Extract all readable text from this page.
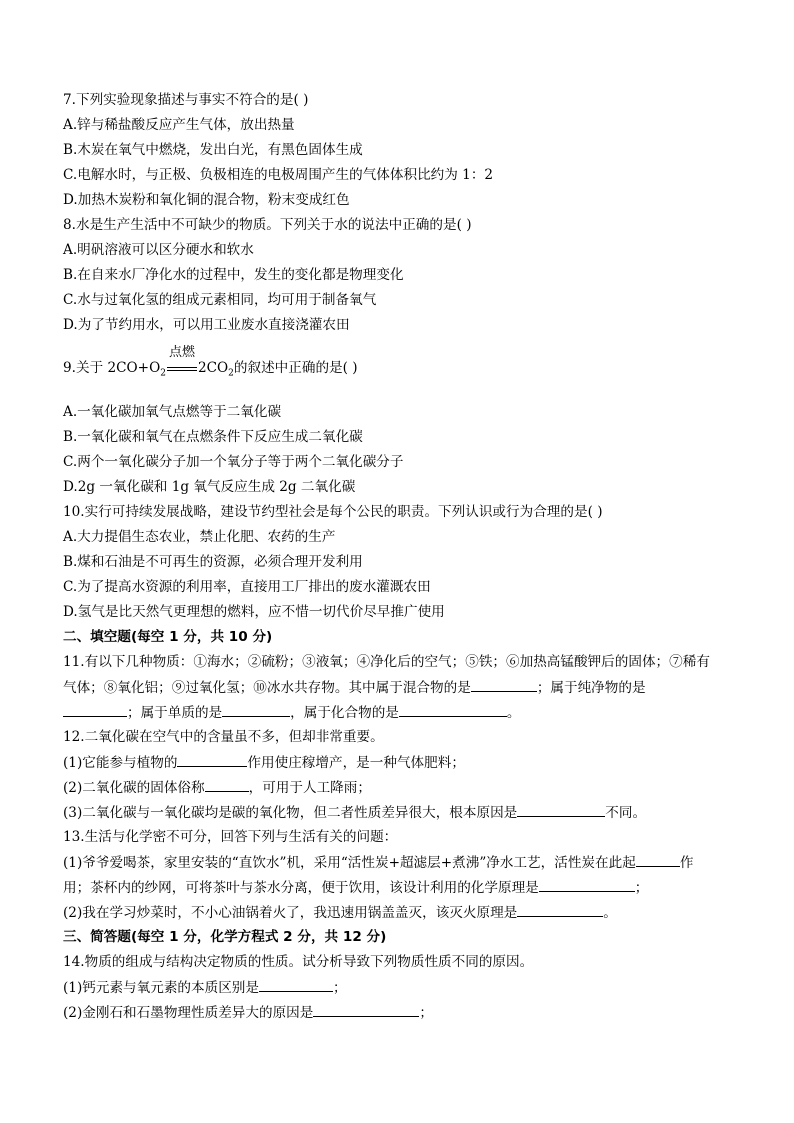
7.下列实验现象描述与事实不符合的是( )
A.锌与稀盐酸反应产生气体，放出热量
B.木炭在氧气中燃烧，发出白光，有黑色固体生成
C.电解水时，与正极、负极相连的电极周围产生的气体体积比约为 1：2
D.加热木炭粉和氧化铜的混合物，粉末变成红色
8.水是生产生活中不可缺少的物质。下列关于水的说法中正确的是( )
A.明矾溶液可以区分硬水和软水
B.在自来水厂净化水的过程中，发生的变化都是物理变化
C.水与过氧化氢的组成元素相同，均可用于制备氧气
D.为了节约用水，可以用工业废水直接浇灌农田
9.关于 $2CO+O_2$
点燃
$2CO_2$的叙述中正确的是( )
A.一氧化碳加氧气点燃等于二氧化碳
B.一氧化碳和氧气在点燃条件下反应生成二氧化碳
C.两个一氧化碳分子加一个氧分子等于两个二氧化碳分子
D.2g 一氧化碳和 1g 氧气反应生成 2g 二氧化碳
10.实行可持续发展战略，建设节约型社会是每个公民的职责。下列认识或行为合理的是( )
A.大力提倡生态农业，禁止化肥、农药的生产
B.煤和石油是不可再生的资源，必须合理开发利用
C.为了提高水资源的利用率，直接用工厂排出的废水灌溉农田
D.氢气是比天然气更理想的燃料，应不惜一切代价尽早推广使用
二、填空题(每空 1 分，共 10 分)
11.有以下几种物质：①海水；②硫粉；③液氧；④净化后的空气；⑤铁；⑥加热高锰酸钾后的固体；⑦稀有
气体；⑧氧化铝；⑨过氧化氢；⑩冰水共存物。其中属于混合物的是	；属于纯净物的是
；属于单质的是	，属于化合物的是	。
12.二氧化碳在空气中的含量虽不多，但却非常重要。
(1)它能参与植物的	作用使庄稼增产，是一种气体肥料；
(2)二氧化碳的固体俗称	，可用于人工降雨；
(3)二氧化碳与一氧化碳均是碳的氧化物，但二者性质差异很大，根本原因是	不同。
13.生活与化学密不可分，回答下列与生活有关的问题：
(1)爷爷爱喝茶，家里安装的“直饮水”机，采用“活性炭+超滤层+煮沸”净水工艺，活性炭在此起	作
用；茶杯内的纱网，可将茶叶与茶水分离，便于饮用，该设计利用的化学原理是	；
(2)我在学习炒菜时，不小心油锅着火了，我迅速用锅盖盖灭，该灭火原理是	。
三、简答题(每空 1 分，化学方程式 2 分，共 12 分)
14.物质的组成与结构决定物质的性质。试分析导致下列物质性质不同的原因。
(1)钙元素与氧元素的本质区别是	；
(2)金刚石和石墨物理性质差异大的原因是	；
